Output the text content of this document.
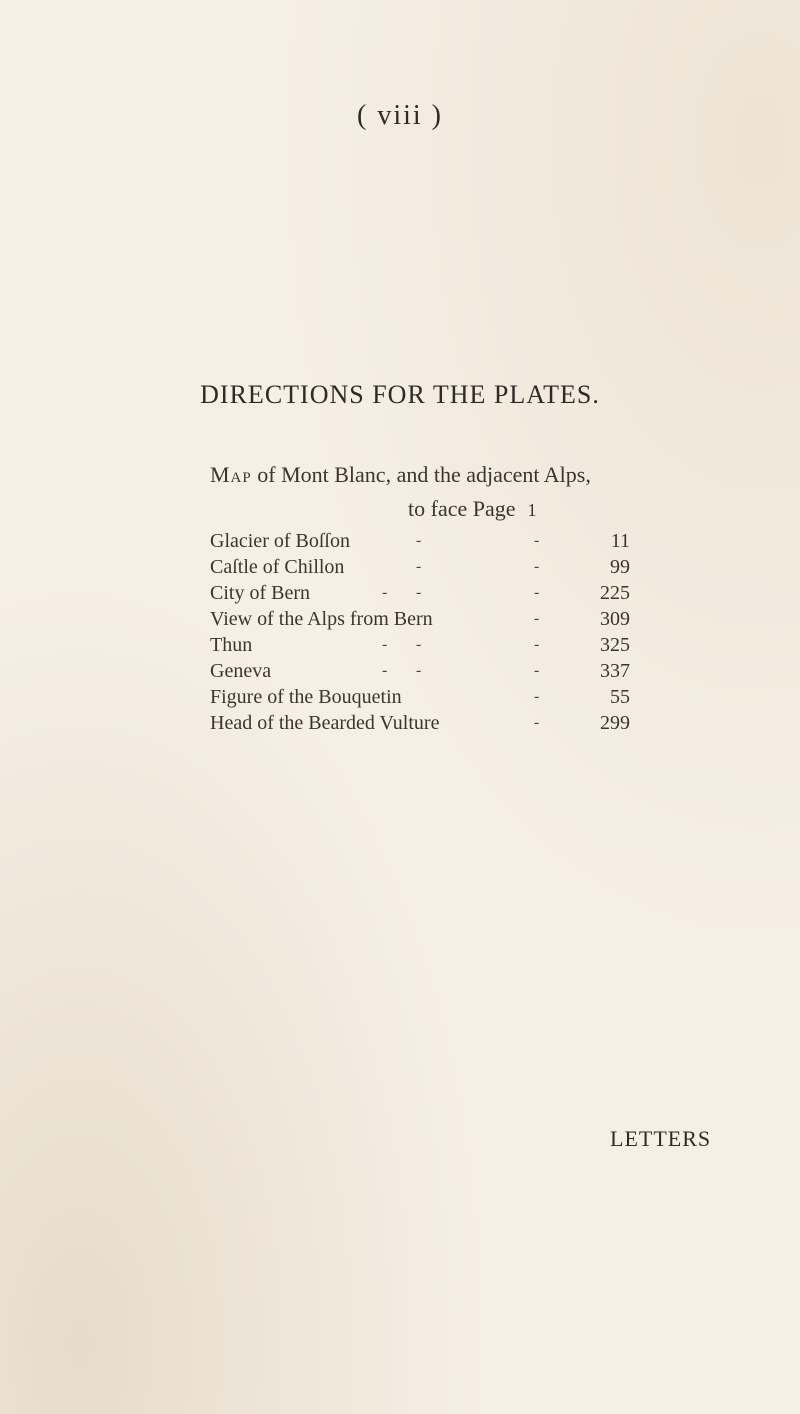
( viii )
DIRECTIONS FOR THE PLATES.
Map of Mont Blanc, and the adjacent Alps,
to face Page 1
Glacier of Boſſon	-	-	11
Caſtle of Chillon	-	-	99
City of Bern	- -	-	225
View of the Alps from Bern	-	309
Thun	- -	-	325
Geneva	- -	-	337
Figure of the Bouquetin	-	55
Head of the Bearded Vulture	-	299
LETTERS
